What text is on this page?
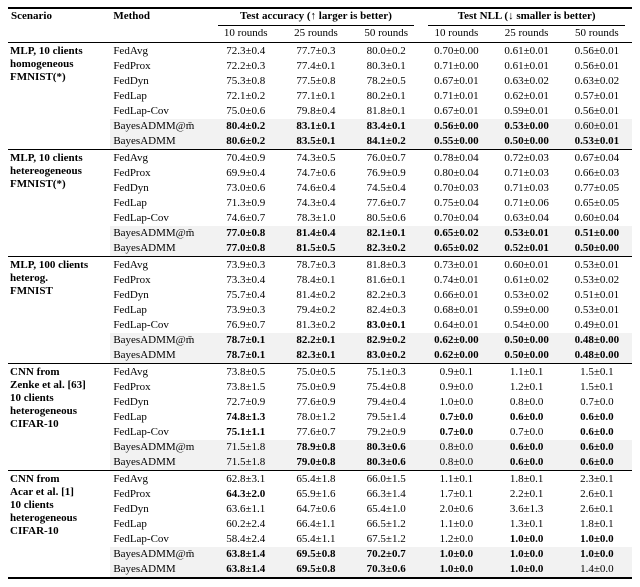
Scenario	Method	Test accuracy (↑ larger is better)			Test NLL (↓ smaller is better)		

		10 rounds	25 rounds	50 rounds	10 rounds	25 rounds	50 rounds

MLP, 10 clients
homogeneous
FMNIST(*)	FedAvg	72.3±0.4	77.7±0.3	80.0±0.2	0.70±0.00	0.61±0.01	0.56±0.01
	FedProx	72.2±0.3	77.4±0.1	80.3±0.1	0.71±0.00	0.61±0.01	0.56±0.01
	FedDyn	75.3±0.8	77.5±0.8	78.2±0.5	0.67±0.01	0.63±0.02	0.63±0.02
	FedLap	72.1±0.2	77.1±0.1	80.2±0.1	0.71±0.01	0.62±0.01	0.57±0.01
	FedLap-Cov	75.0±0.6	79.8±0.4	81.8±0.1	0.67±0.01	0.59±0.01	0.56±0.01
	BayesADMM@m̄	80.4±0.2	83.1±0.1	83.4±0.1	0.56±0.00	0.53±0.00	0.60±0.01
	BayesADMM	80.6±0.2	83.5±0.1	84.1±0.2	0.55±0.00	0.50±0.00	0.53±0.01

MLP, 10 clients
hetereogeneous
FMNIST(*)	FedAvg	70.4±0.9	74.3±0.5	76.0±0.7	0.78±0.04	0.72±0.03	0.67±0.04
	FedProx	69.9±0.4	74.7±0.6	76.9±0.9	0.80±0.04	0.71±0.03	0.66±0.03
	FedDyn	73.0±0.6	74.6±0.4	74.5±0.4	0.70±0.03	0.71±0.03	0.77±0.05
	FedLap	71.3±0.9	74.3±0.4	77.6±0.7	0.75±0.04	0.71±0.06	0.65±0.05
	FedLap-Cov	74.6±0.7	78.3±1.0	80.5±0.6	0.70±0.04	0.63±0.04	0.60±0.04
	BayesADMM@m̄	77.0±0.8	81.4±0.4	82.1±0.1	0.65±0.02	0.53±0.01	0.51±0.00
	BayesADMM	77.0±0.8	81.5±0.5	82.3±0.2	0.65±0.02	0.52±0.01	0.50±0.00

MLP, 100 clients
heterog.
FMNIST	FedAvg	73.9±0.3	78.7±0.3	81.8±0.3	0.73±0.01	0.60±0.01	0.53±0.01
	FedProx	73.3±0.4	78.4±0.1	81.6±0.1	0.74±0.01	0.61±0.02	0.53±0.02
	FedDyn	75.7±0.4	81.4±0.2	82.2±0.3	0.66±0.01	0.53±0.02	0.51±0.01
	FedLap	73.9±0.3	79.4±0.2	82.4±0.3	0.68±0.01	0.59±0.00	0.53±0.01
	FedLap-Cov	76.9±0.7	81.3±0.2	83.0±0.1	0.64±0.01	0.54±0.00	0.49±0.01
	BayesADMM@m̄	78.7±0.1	82.2±0.1	82.9±0.2	0.62±0.00	0.50±0.00	0.48±0.00
	BayesADMM	78.7±0.1	82.3±0.1	83.0±0.2	0.62±0.00	0.50±0.00	0.48±0.00

CNN from
Zenke et al. [63]
10 clients
heterogeneous
CIFAR-10	FedAvg	73.8±0.5	75.0±0.5	75.1±0.3	0.9±0.1	1.1±0.1	1.5±0.1
	FedProx	73.8±1.5	75.0±0.9	75.4±0.8	0.9±0.0	1.2±0.1	1.5±0.1
	FedDyn	72.7±0.9	77.6±0.9	79.4±0.4	1.0±0.0	0.8±0.0	0.7±0.0
	FedLap	74.8±1.3	78.0±1.2	79.5±1.4	0.7±0.0	0.6±0.0	0.6±0.0
	FedLap-Cov	75.1±1.1	77.6±0.7	79.2±0.9	0.7±0.0	0.7±0.0	0.6±0.0
	BayesADMM@m	71.5±1.8	78.9±0.8	80.3±0.6	0.8±0.0	0.6±0.0	0.6±0.0
	BayesADMM	71.5±1.8	79.0±0.8	80.3±0.6	0.8±0.0	0.6±0.0	0.6±0.0

CNN from
Acar et al. [1]
10 clients
heterogeneous
CIFAR-10	FedAvg	62.8±3.1	65.4±1.8	66.0±1.5	1.1±0.1	1.8±0.1	2.3±0.1
	FedProx	64.3±2.0	65.9±1.6	66.3±1.4	1.7±0.1	2.2±0.1	2.6±0.1
	FedDyn	63.6±1.1	64.7±0.6	65.4±1.0	2.0±0.6	3.6±1.3	2.6±0.1
	FedLap	60.2±2.4	66.4±1.1	66.5±1.2	1.1±0.0	1.3±0.1	1.8±0.1
	FedLap-Cov	58.4±2.4	65.4±1.1	67.5±1.2	1.2±0.0	1.0±0.0	1.0±0.0
	BayesADMM@m̄	63.8±1.4	69.5±0.8	70.2±0.7	1.0±0.0	1.0±0.0	1.0±0.0
	BayesADMM	63.8±1.4	69.5±0.8	70.3±0.6	1.0±0.0	1.0±0.0	1.4±0.0
